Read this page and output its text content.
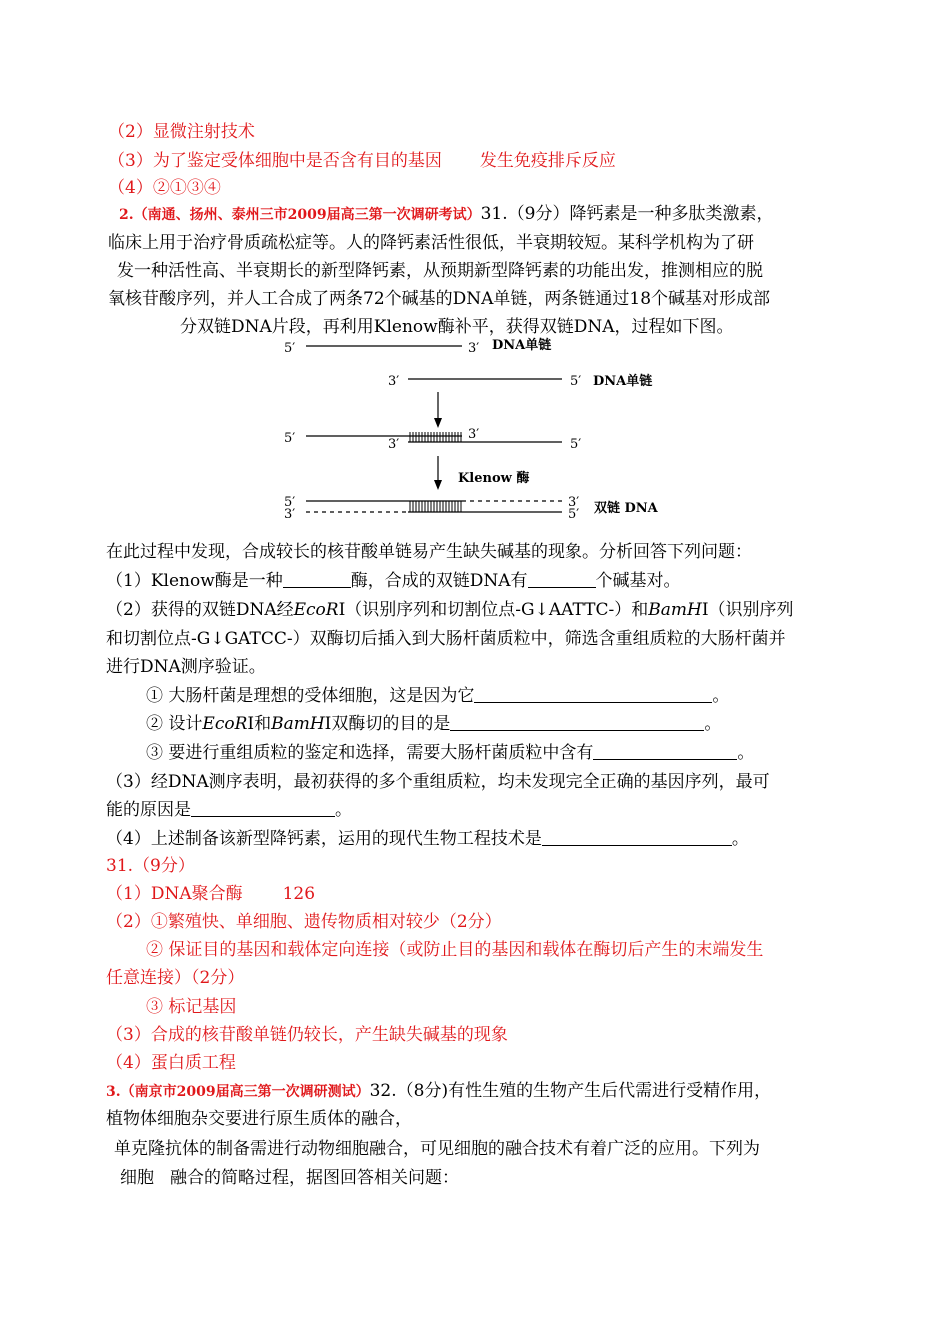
（2）显微注射技术
（3）为了鉴定受体细胞中是否含有目的基因 发生免疫排斥反应
（4）②①③④
2.（南通、扬州、泰州三市2009届高三第一次调研考试）31.（9分）降钙素是一种多肽类激素，
临床上用于治疗骨质疏松症等。人的降钙素活性很低，半衰期较短。某科学机构为了研
发一种活性高、半衰期长的新型降钙素，从预期新型降钙素的功能出发，推测相应的脱
氧核苷酸序列，并人工合成了两条72个碱基的DNA单链，两条链通过18个碱基对形成部
分双链DNA片段，再利用Klenow酶补平，获得双链DNA，过程如下图。
5′	3′ DNA单链
3′	5′ DNA单链
5′	3′
3′
5′
Klenow 酶
5′
3′
3′
5′ 双链 DNA
在此过程中发现，合成较长的核苷酸单链易产生缺失碱基的现象。分析回答下列问题：
（1）Klenow酶是一种	酶，合成的双链DNA有	个碱基对。
（2）获得的双链DNA经EcoRⅠ（识别序列和切割位点-G↓AATTC-）和BamHⅠ（识别序列
和切割位点-G↓GATCC-）双酶切后插入到大肠杆菌质粒中，筛选含重组质粒的大肠杆菌并
进行DNA测序验证。
① 大肠杆菌是理想的受体细胞，这是因为它	。
② 设计EcoRⅠ和BamHⅠ双酶切的目的是	。
③ 要进行重组质粒的鉴定和选择，需要大肠杆菌质粒中含有	。
（3）经DNA测序表明，最初获得的多个重组质粒，均未发现完全正确的基因序列，最可
能的原因是	。
（4）上述制备该新型降钙素，运用的现代生物工程技术是	。
31.（9分）
（1）DNA聚合酶 126
（2）①繁殖快、单细胞、遗传物质相对较少（2分）
② 保证目的基因和载体定向连接（或防止目的基因和载体在酶切后产生的末端发生
任意连接）（2分）
③ 标记基因
（3）合成的核苷酸单链仍较长，产生缺失碱基的现象
（4）蛋白质工程
3.（南京市2009届高三第一次调研测试）32.（8分)有性生殖的生物产生后代需进行受精作用，
植物体细胞杂交要进行原生质体的融合，
单克隆抗体的制备需进行动物细胞融合，可见细胞的融合技术有着广泛的应用。下列为
细胞 融合的简略过程，据图回答相关问题：
